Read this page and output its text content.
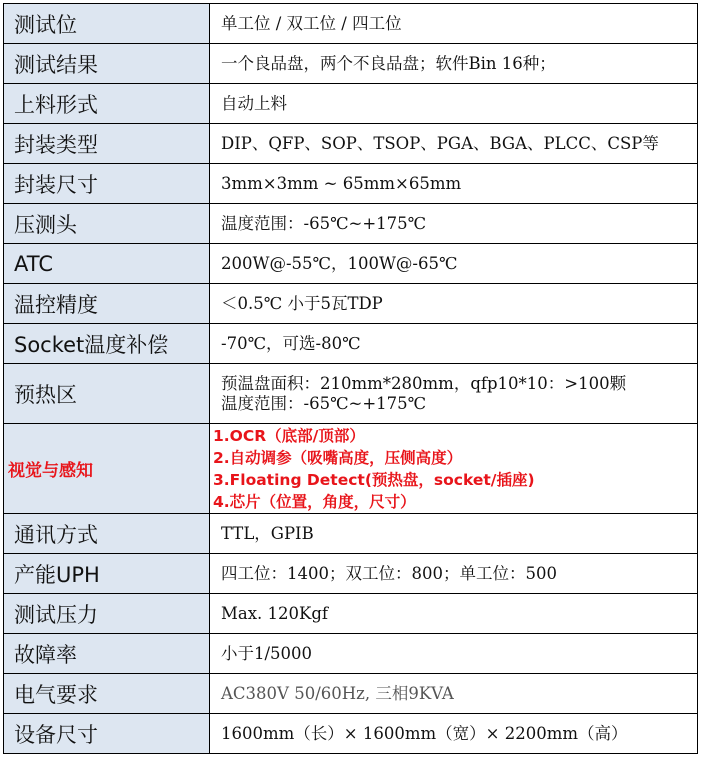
测试位	单工位 / 双工位 / 四工位

测试结果	一个良品盘，两个不良品盘；软件Bin 16种；

上料形式	自动上料

封装类型	DIP、QFP、SOP、TSOP、PGA、BGA、PLCC、CSP等

封装尺寸	3mm×3mm ~ 65mm×65mm

压测头	温度范围：-65℃~+175℃

ATC	200W@-55℃，100W@-65℃

温控精度	＜0.5℃ 小于5瓦TDP

Socket温度补偿	-70℃，可选-80℃

预热区	预温盘面积：210mm*280mm，qfp10*10：>100颗
温度范围：-65℃~+175℃

视觉与感知	1.OCR（底部/顶部）
2.自动调参（吸嘴高度，压侧高度）
3.Floating Detect(预热盘，socket/插座)
4.芯片（位置，角度，尺寸）

通讯方式	TTL，GPIB

产能UPH	四工位：1400；双工位：800；单工位：500

测试压力	Max. 120Kgf

故障率	小于1/5000

电气要求	AC380V 50/60Hz, 三相9KVA

设备尺寸	1600mm（长）× 1600mm（宽）× 2200mm（高）
